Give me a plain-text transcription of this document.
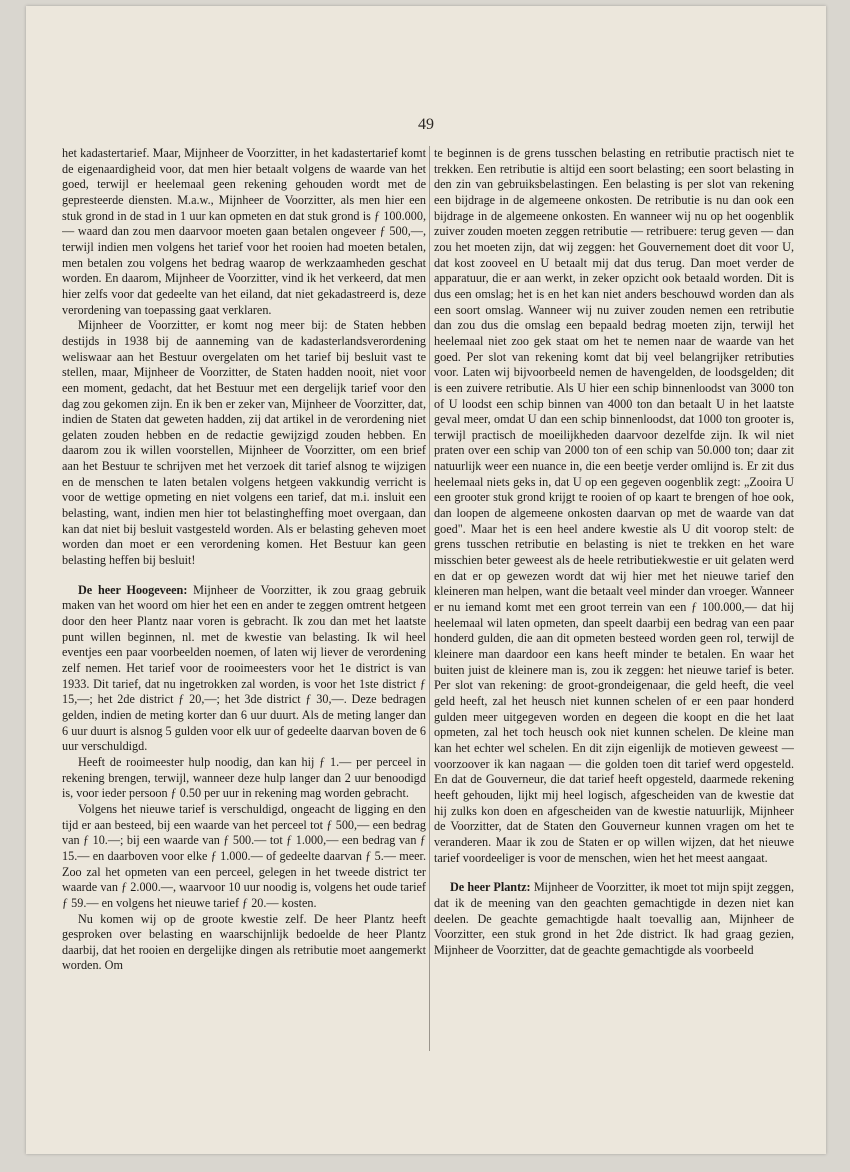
49

het kadastertarief. Maar, Mijnheer de Voorzitter, in het kadastertarief komt de eigenaardigheid voor, dat men hier betaalt volgens de waarde van het goed, terwijl er heelemaal geen rekening gehouden wordt met de gepresteerde diensten. M.a.w., Mijnheer de Voorzitter, als men hier een stuk grond in de stad in 1 uur kan opmeten en dat stuk grond is ƒ 100.000,— waard dan zou men daarvoor moeten gaan betalen ongeveer ƒ 500,—, terwijl indien men volgens het tarief voor het rooien had moeten betalen, men betalen zou volgens het bedrag waarop de werkzaamheden geschat worden. En daarom, Mijnheer de Voorzitter, vind ik het verkeerd, dat men hier zelfs voor dat gedeelte van het eiland, dat niet gekadastreerd is, deze verordening van toepassing gaat verklaren.

Mijnheer de Voorzitter, er komt nog meer bij: de Staten hebben destijds in 1938 bij de aanneming van de kadasterlandsverordening weliswaar aan het Bestuur overgelaten om het tarief bij besluit vast te stellen, maar, Mijnheer de Voorzitter, de Staten hadden nooit, niet voor een moment, gedacht, dat het Bestuur met een dergelijk tarief voor den dag zou gekomen zijn. En ik ben er zeker van, Mijnheer de Voorzitter, dat, indien de Staten dat geweten hadden, zij dat artikel in de verordening niet gelaten zouden hebben en de redactie gewijzigd zouden hebben. En daarom zou ik willen voorstellen, Mijnheer de Voorzitter, om een brief aan het Bestuur te schrijven met het verzoek dit tarief alsnog te wijzigen en de menschen te laten betalen volgens hetgeen vakkundig verricht is voor de wettige opmeting en niet volgens een tarief, dat m.i. insluit een belasting, want, indien men hier tot belastingheffing moet overgaan, dan kan dat niet bij besluit vastgesteld worden. Als er belasting geheven moet worden dan moet er een verordening komen. Het Bestuur kan geen belasting heffen bij besluit!

De heer Hoogeveen: Mijnheer de Voorzitter, ik zou graag gebruik maken van het woord om hier het een en ander te zeggen omtrent hetgeen door den heer Plantz naar voren is gebracht. Ik zou dan met het laatste punt willen beginnen, nl. met de kwestie van belasting. Ik wil heel eventjes een paar voorbeelden noemen, of laten wij liever de verordening zelf nemen. Het tarief voor de rooimeesters voor het 1e district is van 1933. Dit tarief, dat nu ingetrokken zal worden, is voor het 1ste district ƒ 15,—; het 2de district ƒ 20,—; het 3de district ƒ 30,—. Deze bedragen gelden, indien de meting korter dan 6 uur duurt. Als de meting langer dan 6 uur duurt is alsnog 5 gulden voor elk uur of gedeelte daarvan boven de 6 uur verschuldigd.

Heeft de rooimeester hulp noodig, dan kan hij ƒ 1.— per perceel in rekening brengen, terwijl, wanneer deze hulp langer dan 2 uur benoodigd is, voor ieder persoon ƒ 0.50 per uur in rekening mag worden gebracht.

Volgens het nieuwe tarief is verschuldigd, ongeacht de ligging en den tijd er aan besteed, bij een waarde van het perceel tot ƒ 500,— een bedrag van ƒ 10.—; bij een waarde van ƒ 500.— tot ƒ 1.000,— een bedrag van ƒ 15.— en daarboven voor elke ƒ 1.000.— of gedeelte daarvan ƒ 5.— meer. Zoo zal het opmeten van een perceel, gelegen in het tweede district ter waarde van ƒ 2.000.—, waarvoor 10 uur noodig is, volgens het oude tarief ƒ 59.— en volgens het nieuwe tarief ƒ 20.— kosten.

Nu komen wij op de groote kwestie zelf. De heer Plantz heeft gesproken over belasting en waarschijnlijk bedoelde de heer Plantz daarbij, dat het rooien en dergelijke dingen als retributie moet aangemerkt worden. Om

te beginnen is de grens tusschen belasting en retributie practisch niet te trekken. Een retributie is altijd een soort belasting; een soort belasting in den zin van gebruiksbelastingen. Een belasting is per slot van rekening een bijdrage in de algemeene onkosten. De retributie is nu dan ook een bijdrage in de algemeene onkosten. En wanneer wij nu op het oogenblik zuiver zouden moeten zeggen retributie — retribuere: terug geven — dan zou het moeten zijn, dat wij zeggen: het Gouvernement doet dit voor U, dat kost zooveel en U betaalt mij dat dus terug. Dan moet verder de apparatuur, die er aan werkt, in zeker opzicht ook betaald worden. Dit is dus een omslag; het is en het kan niet anders beschouwd worden dan als een soort omslag. Wanneer wij nu zuiver zouden nemen een retributie dan zou dus die omslag een bepaald bedrag moeten zijn, terwijl het heelemaal niet zoo gek staat om het te nemen naar de waarde van het goed. Per slot van rekening komt dat bij veel belangrijker retributies voor. Laten wij bijvoorbeeld nemen de havengelden, de loodsgelden; dit is een zuivere retributie. Als U hier een schip binnenloodst van 3000 ton of U loodst een schip binnen van 4000 ton dan betaalt U in het laatste geval meer, omdat U dan een schip binnenloodst, dat 1000 ton grooter is, terwijl practisch de moeilijkheden daarvoor dezelfde zijn. Ik wil niet praten over een schip van 2000 ton of een schip van 50.000 ton; daar zit natuurlijk weer een nuance in, die een beetje verder omlijnd is. Er zit dus heelemaal niets geks in, dat U op een gegeven oogenblik zegt: „Zooira U een grooter stuk grond krijgt te rooien of op kaart te brengen of hoe ook, dan loopen de algemeene onkosten daarvan op met de waarde van dat goed". Maar het is een heel andere kwestie als U dit voorop stelt: de grens tusschen retributie en belasting is niet te trekken en het ware misschien beter geweest als de heele retributiekwestie er uit gelaten werd en dat er op gewezen wordt dat wij hier met het nieuwe tarief den kleineren man helpen, want die betaalt veel minder dan vroeger. Wanneer er nu iemand komt met een groot terrein van een ƒ 100.000,— dat hij heelemaal wil laten opmeten, dan speelt daarbij een bedrag van een paar honderd gulden, die aan dit opmeten besteed worden geen rol, terwijl de kleinere man daardoor een kans heeft minder te betalen. En waar het buiten juist de kleinere man is, zou ik zeggen: het nieuwe tarief is beter. Per slot van rekening: de groot-grondeigenaar, die geld heeft, die veel geld heeft, zal het heusch niet kunnen schelen of er een paar honderd gulden meer uitgegeven worden en degeen die koopt en die het laat opmeten, zal het toch heusch ook niet kunnen schelen. De kleine man kan het echter wel schelen. En dit zijn eigenlijk de motieven geweest — voorzoover ik kan nagaan — die golden toen dit tarief werd opgesteld. En dat de Gouverneur, die dat tarief heeft opgesteld, daarmede rekening heeft gehouden, lijkt mij heel logisch, afgescheiden van de kwestie dat hij zulks kon doen en afgescheiden van de kwestie natuurlijk, Mijnheer de Voorzitter, dat de Staten den Gouverneur kunnen vragen om het te veranderen. Maar ik zou de Staten er op willen wijzen, dat het nieuwe tarief voordeeliger is voor de menschen, wien het het meest aangaat.

De heer Plantz: Mijnheer de Voorzitter, ik moet tot mijn spijt zeggen, dat ik de meening van den geachten gemachtigde in dezen niet kan deelen. De geachte gemachtigde haalt toevallig aan, Mijnheer de Voorzitter, een stuk grond in het 2de district. Ik had graag gezien, Mijnheer de Voorzitter, dat de geachte gemachtigde als voorbeeld
